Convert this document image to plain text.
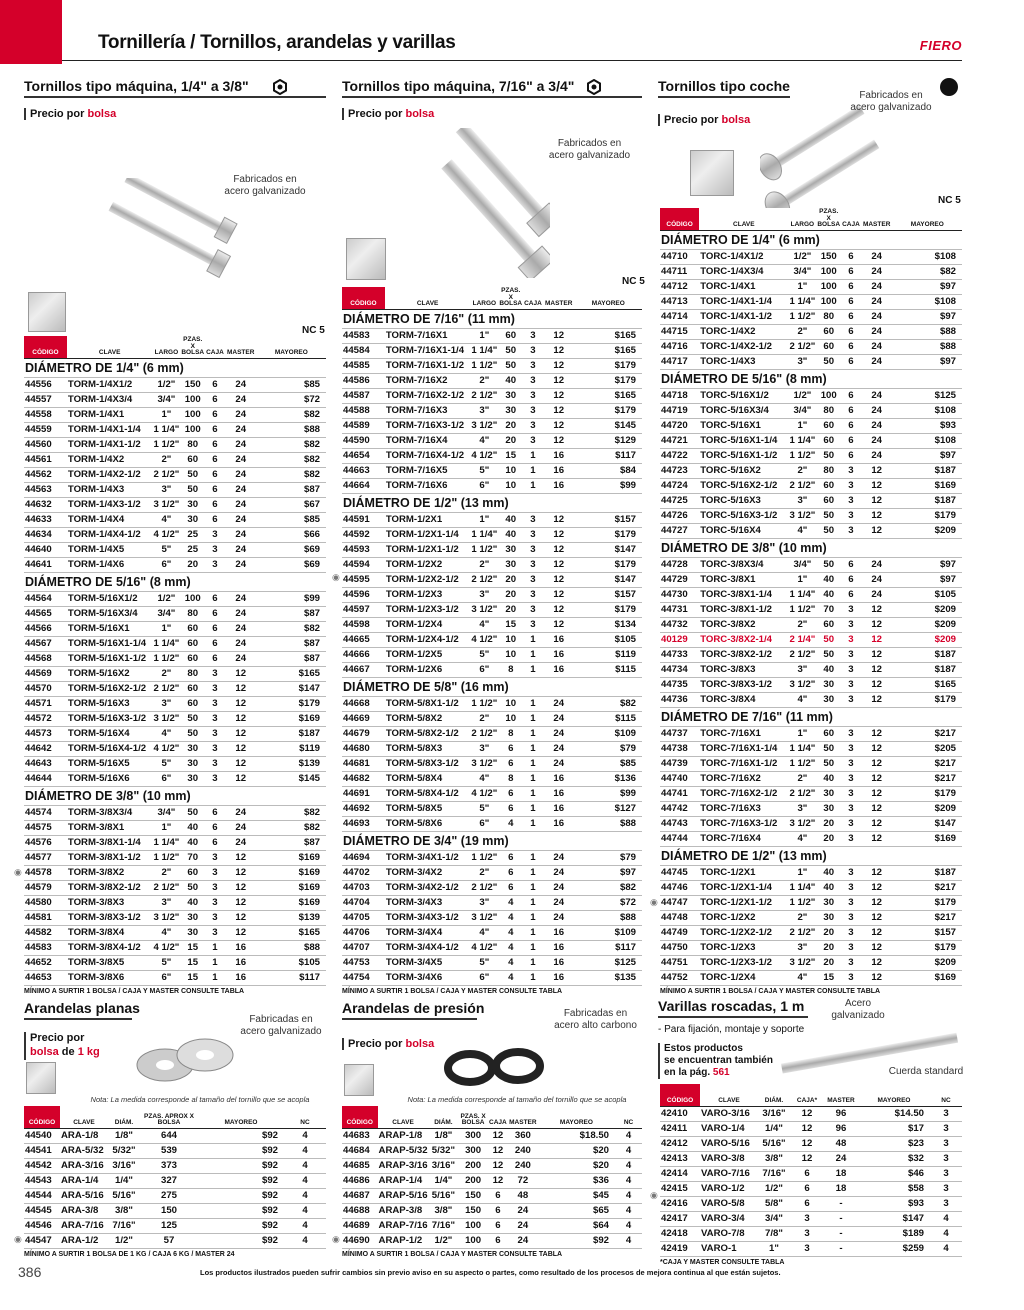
Tornillería / Tornillos, arandelas y varillas	FIERO
Tornillos tipo máquina, 1/4" a 3/8"
Precio por bolsa
Fabricados en
acero galvanizado
NC 5
CÓDIGO	CLAVE	LARGO	PZAS. X BOLSA	CAJA	MASTER	MAYOREO
DIÁMETRO DE 1/4" (6 mm)						
44556	TORM-1/4X1/2	1/2"	150	6	24	$85
44557	TORM-1/4X3/4	3/4"	100	6	24	$72
44558	TORM-1/4X1	1"	100	6	24	$82
44559	TORM-1/4X1-1/4	1 1/4"	100	6	24	$88
44560	TORM-1/4X1-1/2	1 1/2"	80	6	24	$82
44561	TORM-1/4X2	2"	60	6	24	$82
44562	TORM-1/4X2-1/2	2 1/2"	50	6	24	$82
44563	TORM-1/4X3	3"	50	6	24	$87
44632	TORM-1/4X3-1/2	3 1/2"	30	6	24	$67
44633	TORM-1/4X4	4"	30	6	24	$85
44634	TORM-1/4X4-1/2	4 1/2"	25	3	24	$66
44640	TORM-1/4X5	5"	25	3	24	$69
44641	TORM-1/4X6	6"	20	3	24	$69
DIÁMETRO DE 5/16" (8 mm)						
44564	TORM-5/16X1/2	1/2"	100	6	24	$99
44565	TORM-5/16X3/4	3/4"	80	6	24	$87
44566	TORM-5/16X1	1"	60	6	24	$82
44567	TORM-5/16X1-1/4	1 1/4"	60	6	24	$87
44568	TORM-5/16X1-1/2	1 1/2"	60	6	24	$87
44569	TORM-5/16X2	2"	80	3	12	$165
44570	TORM-5/16X2-1/2	2 1/2"	60	3	12	$147
44571	TORM-5/16X3	3"	60	3	12	$179
44572	TORM-5/16X3-1/2	3 1/2"	50	3	12	$169
44573	TORM-5/16X4	4"	50	3	12	$187
44642	TORM-5/16X4-1/2	4 1/2"	30	3	12	$119
44643	TORM-5/16X5	5"	30	3	12	$139
44644	TORM-5/16X6	6"	30	3	12	$145
DIÁMETRO DE 3/8" (10 mm)						
44574	TORM-3/8X3/4	3/4"	50	6	24	$82
44575	TORM-3/8X1	1"	40	6	24	$82
44576	TORM-3/8X1-1/4	1 1/4"	40	6	24	$87
44577	TORM-3/8X1-1/2	1 1/2"	70	3	12	$169
44578	TORM-3/8X2	2"	60	3	12	$169
44579	TORM-3/8X2-1/2	2 1/2"	50	3	12	$169
44580	TORM-3/8X3	3"	40	3	12	$169
44581	TORM-3/8X3-1/2	3 1/2"	30	3	12	$139
44582	TORM-3/8X4	4"	30	3	12	$165
44583	TORM-3/8X4-1/2	4 1/2"	15	1	16	$88
44652	TORM-3/8X5	5"	15	1	16	$105
44653	TORM-3/8X6	6"	15	1	16	$117
MÍNIMO A SURTIR 1 BOLSA / CAJA Y MASTER CONSULTE TABLA
◉
Tornillos tipo máquina, 7/16" a 3/4"
Precio por bolsa
Fabricados en
acero galvanizado
NC 5
CÓDIGO	CLAVE	LARGO	PZAS. X BOLSA	CAJA	MASTER	MAYOREO
DIÁMETRO DE 7/16" (11 mm)						
44583	TORM-7/16X1	1"	60	3	12	$165
44584	TORM-7/16X1-1/4	1 1/4"	50	3	12	$165
44585	TORM-7/16X1-1/2	1 1/2"	50	3	12	$179
44586	TORM-7/16X2	2"	40	3	12	$179
44587	TORM-7/16X2-1/2	2 1/2"	30	3	12	$165
44588	TORM-7/16X3	3"	30	3	12	$179
44589	TORM-7/16X3-1/2	3 1/2"	20	3	12	$145
44590	TORM-7/16X4	4"	20	3	12	$129
44654	TORM-7/16X4-1/2	4 1/2"	15	1	16	$117
44663	TORM-7/16X5	5"	10	1	16	$84
44664	TORM-7/16X6	6"	10	1	16	$99
DIÁMETRO DE 1/2" (13 mm)						
44591	TORM-1/2X1	1"	40	3	12	$157
44592	TORM-1/2X1-1/4	1 1/4"	40	3	12	$179
44593	TORM-1/2X1-1/2	1 1/2"	30	3	12	$147
44594	TORM-1/2X2	2"	30	3	12	$179
44595	TORM-1/2X2-1/2	2 1/2"	20	3	12	$147
44596	TORM-1/2X3	3"	20	3	12	$157
44597	TORM-1/2X3-1/2	3 1/2"	20	3	12	$179
44598	TORM-1/2X4	4"	15	3	12	$134
44665	TORM-1/2X4-1/2	4 1/2"	10	1	16	$105
44666	TORM-1/2X5	5"	10	1	16	$119
44667	TORM-1/2X6	6"	8	1	16	$115
DIÁMETRO DE 5/8" (16 mm)						
44668	TORM-5/8X1-1/2	1 1/2"	10	1	24	$82
44669	TORM-5/8X2	2"	10	1	24	$115
44679	TORM-5/8X2-1/2	2 1/2"	8	1	24	$109
44680	TORM-5/8X3	3"	6	1	24	$79
44681	TORM-5/8X3-1/2	3 1/2"	6	1	24	$85
44682	TORM-5/8X4	4"	8	1	16	$136
44691	TORM-5/8X4-1/2	4 1/2"	6	1	16	$99
44692	TORM-5/8X5	5"	6	1	16	$127
44693	TORM-5/8X6	6"	4	1	16	$88
DIÁMETRO DE 3/4" (19 mm)						
44694	TORM-3/4X1-1/2	1 1/2"	6	1	24	$79
44702	TORM-3/4X2	2"	6	1	24	$97
44703	TORM-3/4X2-1/2	2 1/2"	6	1	24	$82
44704	TORM-3/4X3	3"	4	1	24	$72
44705	TORM-3/4X3-1/2	3 1/2"	4	1	24	$88
44706	TORM-3/4X4	4"	4	1	16	$109
44707	TORM-3/4X4-1/2	4 1/2"	4	1	16	$117
44753	TORM-3/4X5	5"	4	1	16	$125
44754	TORM-3/4X6	6"	4	1	16	$135
MÍNIMO A SURTIR 1 BOLSA / CAJA Y MASTER CONSULTE TABLA
◉
Tornillos tipo coche
Precio por bolsa
Fabricados en
acero galvanizado
NC 5
CÓDIGO	CLAVE	LARGO	PZAS. X BOLSA	CAJA	MASTER	MAYOREO
DIÁMETRO DE 1/4" (6 mm)						
44710	TORC-1/4X1/2	1/2"	150	6	24	$108
44711	TORC-1/4X3/4	3/4"	100	6	24	$82
44712	TORC-1/4X1	1"	100	6	24	$97
44713	TORC-1/4X1-1/4	1 1/4"	100	6	24	$108
44714	TORC-1/4X1-1/2	1 1/2"	80	6	24	$97
44715	TORC-1/4X2	2"	60	6	24	$88
44716	TORC-1/4X2-1/2	2 1/2"	60	6	24	$88
44717	TORC-1/4X3	3"	50	6	24	$97
DIÁMETRO DE 5/16" (8 mm)						
44718	TORC-5/16X1/2	1/2"	100	6	24	$125
44719	TORC-5/16X3/4	3/4"	80	6	24	$108
44720	TORC-5/16X1	1"	60	6	24	$93
44721	TORC-5/16X1-1/4	1 1/4"	60	6	24	$108
44722	TORC-5/16X1-1/2	1 1/2"	50	6	24	$97
44723	TORC-5/16X2	2"	80	3	12	$187
44724	TORC-5/16X2-1/2	2 1/2"	60	3	12	$169
44725	TORC-5/16X3	3"	60	3	12	$187
44726	TORC-5/16X3-1/2	3 1/2"	50	3	12	$179
44727	TORC-5/16X4	4"	50	3	12	$209
DIÁMETRO DE 3/8" (10 mm)						
44728	TORC-3/8X3/4	3/4"	50	6	24	$97
44729	TORC-3/8X1	1"	40	6	24	$97
44730	TORC-3/8X1-1/4	1 1/4"	40	6	24	$105
44731	TORC-3/8X1-1/2	1 1/2"	70	3	12	$209
44732	TORC-3/8X2	2"	60	3	12	$209
40129	TORC-3/8X2-1/4	2 1/4"	50	3	12	$209
44733	TORC-3/8X2-1/2	2 1/2"	50	3	12	$187
44734	TORC-3/8X3	3"	40	3	12	$187
44735	TORC-3/8X3-1/2	3 1/2"	30	3	12	$165
44736	TORC-3/8X4	4"	30	3	12	$179
DIÁMETRO DE 7/16" (11 mm)						
44737	TORC-7/16X1	1"	60	3	12	$217
44738	TORC-7/16X1-1/4	1 1/4"	50	3	12	$205
44739	TORC-7/16X1-1/2	1 1/2"	50	3	12	$217
44740	TORC-7/16X2	2"	40	3	12	$217
44741	TORC-7/16X2-1/2	2 1/2"	30	3	12	$179
44742	TORC-7/16X3	3"	30	3	12	$209
44743	TORC-7/16X3-1/2	3 1/2"	20	3	12	$147
44744	TORC-7/16X4	4"	20	3	12	$169
DIÁMETRO DE 1/2" (13 mm)						
44745	TORC-1/2X1	1"	40	3	12	$187
44746	TORC-1/2X1-1/4	1 1/4"	40	3	12	$217
44747	TORC-1/2X1-1/2	1 1/2"	30	3	12	$179
44748	TORC-1/2X2	2"	30	3	12	$217
44749	TORC-1/2X2-1/2	2 1/2"	20	3	12	$157
44750	TORC-1/2X3	3"	20	3	12	$179
44751	TORC-1/2X3-1/2	3 1/2"	20	3	12	$209
44752	TORC-1/2X4	4"	15	3	12	$169
MÍNIMO A SURTIR 1 BOLSA / CAJA Y MASTER CONSULTE TABLA
◉
Arandelas planas
Precio por
bolsa de 1 kg
Fabricadas en
acero galvanizado
Nota: La medida corresponde al tamaño del tornillo que se acopla
CÓDIGO	CLAVE	DIÁM.	PZAS. APROX X BOLSA	MAYOREO	NC
44540	ARA-1/8	1/8"	644	$92	4
44541	ARA-5/32	5/32"	539	$92	4
44542	ARA-3/16	3/16"	373	$92	4
44543	ARA-1/4	1/4"	327	$92	4
44544	ARA-5/16	5/16"	275	$92	4
44545	ARA-3/8	3/8"	150	$92	4
44546	ARA-7/16	7/16"	125	$92	4
44547	ARA-1/2	1/2"	57	$92	4
MÍNIMO A SURTIR 1 BOLSA DE 1 KG / CAJA 6 KG / MASTER 24
◉
Arandelas de presión
Precio por bolsa
Fabricadas en
acero alto carbono
Nota: La medida corresponde al tamaño del tornillo que se acopla
CÓDIGO	CLAVE	DIÁM.	PZAS. X BOLSA	CAJA	MASTER	MAYOREO	NC
44683	ARAP-1/8	1/8"	300	12	360	$18.50	4
44684	ARAP-5/32	5/32"	300	12	240	$20	4
44685	ARAP-3/16	3/16"	200	12	240	$20	4
44686	ARAP-1/4	1/4"	200	12	72	$36	4
44687	ARAP-5/16	5/16"	150	6	48	$45	4
44688	ARAP-3/8	3/8"	150	6	24	$65	4
44689	ARAP-7/16	7/16"	100	6	24	$64	4
44690	ARAP-1/2	1/2"	100	6	24	$92	4
MÍNIMO A SURTIR 1 BOLSA / CAJA Y MASTER CONSULTE TABLA
◉
Varillas roscadas, 1 m
- Para fijación, montaje y soporte
Estos productos
se encuentran también
en la pág. 561
Acero
galvanizado
Cuerda standard
CÓDIGO	CLAVE	DIÁM.	CAJA*	MASTER	MAYOREO	NC
42410	VARO-3/16	3/16"	12	96	$14.50	3
42411	VARO-1/4	1/4"	12	96	$17	3
42412	VARO-5/16	5/16"	12	48	$23	3
42413	VARO-3/8	3/8"	12	24	$32	3
42414	VARO-7/16	7/16"	6	18	$46	3
42415	VARO-1/2	1/2"	6	18	$58	3
42416	VARO-5/8	5/8"	6	-	$93	3
42417	VARO-3/4	3/4"	3	-	$147	4
42418	VARO-7/8	7/8"	3	-	$189	4
42419	VARO-1	1"	3	-	$259	4
*CAJA Y MASTER CONSULTE TABLA
◉
386	Los productos ilustrados pueden sufrir cambios sin previo aviso en su aspecto o partes, como resultado de los procesos de mejora continua al que están sujetos.
